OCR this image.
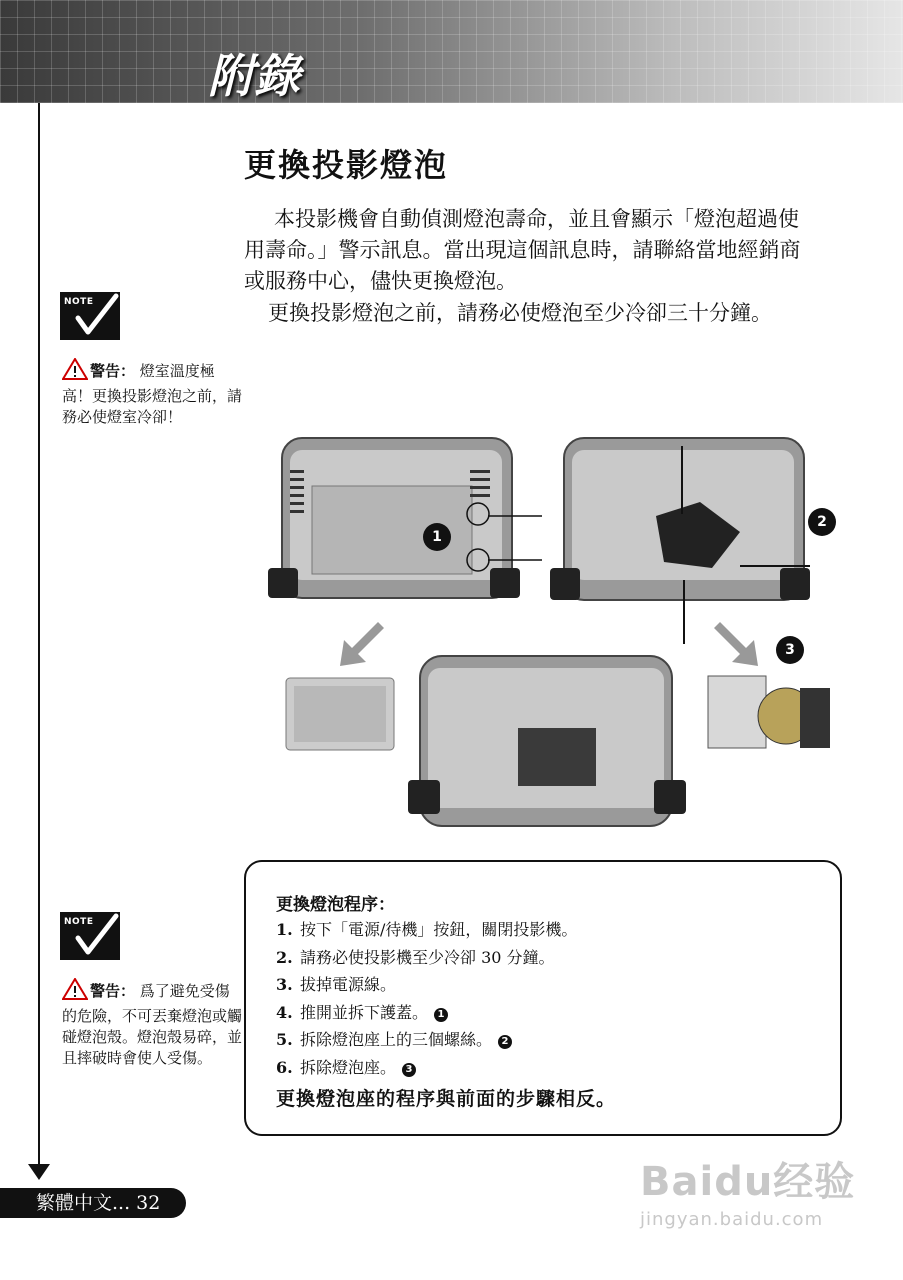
附錄
更換投影燈泡
本投影機會自動偵測燈泡壽命，並且會顯示「燈泡超過使
用壽命。」警示訊息。當出現這個訊息時，請聯絡當地經銷商
或服務中心，儘快更換燈泡。
更換投影燈泡之前，請務必使燈泡至少冷卻三十分鐘。
NOTE
警告： 燈室溫度極高！更換投影燈泡之前，請務必使燈室冷卻！
1
2
3
NOTE
警告： 爲了避免受傷的危險，不可丟棄燈泡或觸碰燈泡殼。燈泡殼易碎，並且摔破時會使人受傷。
更換燈泡程序：
1. 按下「電源/待機」按鈕，關閉投影機。
2. 請務必使投影機至少冷卻 30 分鐘。
3. 拔掉電源線。
4. 推開並拆下護蓋。 1
5. 拆除燈泡座上的三個螺絲。 2
6. 拆除燈泡座。 3
更換燈泡座的程序與前面的步驟相反。
繁體中文... 32	Baidu经验
jingyan.baidu.com
